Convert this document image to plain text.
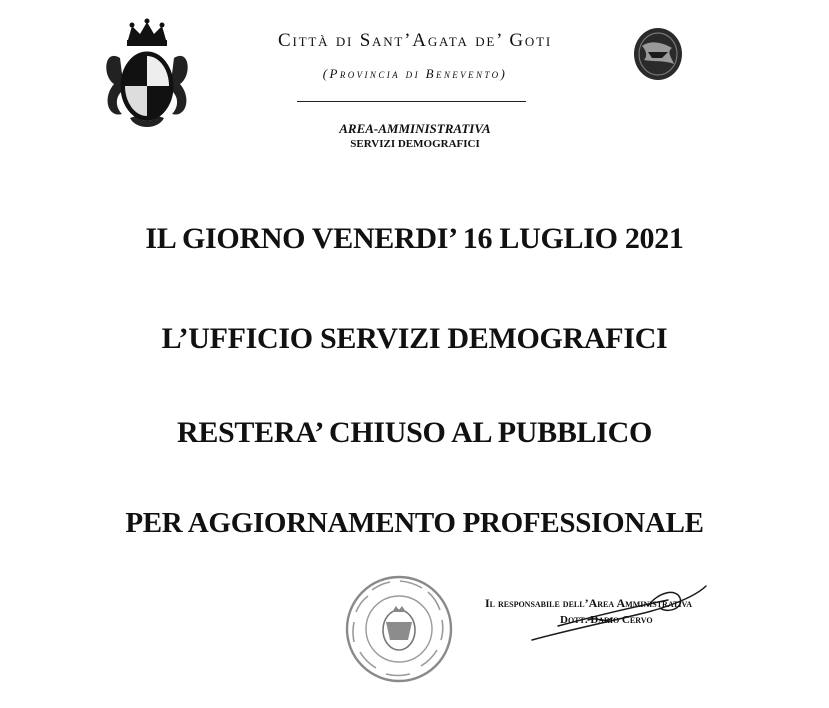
Città di Sant’Agata de’ Goti
(Provincia di Benevento)
AREA-AMMINISTRATIVA
SERVIZI DEMOGRAFICI
IL GIORNO VENERDI’ 16 LUGLIO 2021
L’UFFICIO SERVIZI DEMOGRAFICI
RESTERA’ CHIUSO AL PUBBLICO
PER AGGIORNAMENTO PROFESSIONALE
Il responsabile dell’Area Amministrativa
Dott. Dario Cervo
